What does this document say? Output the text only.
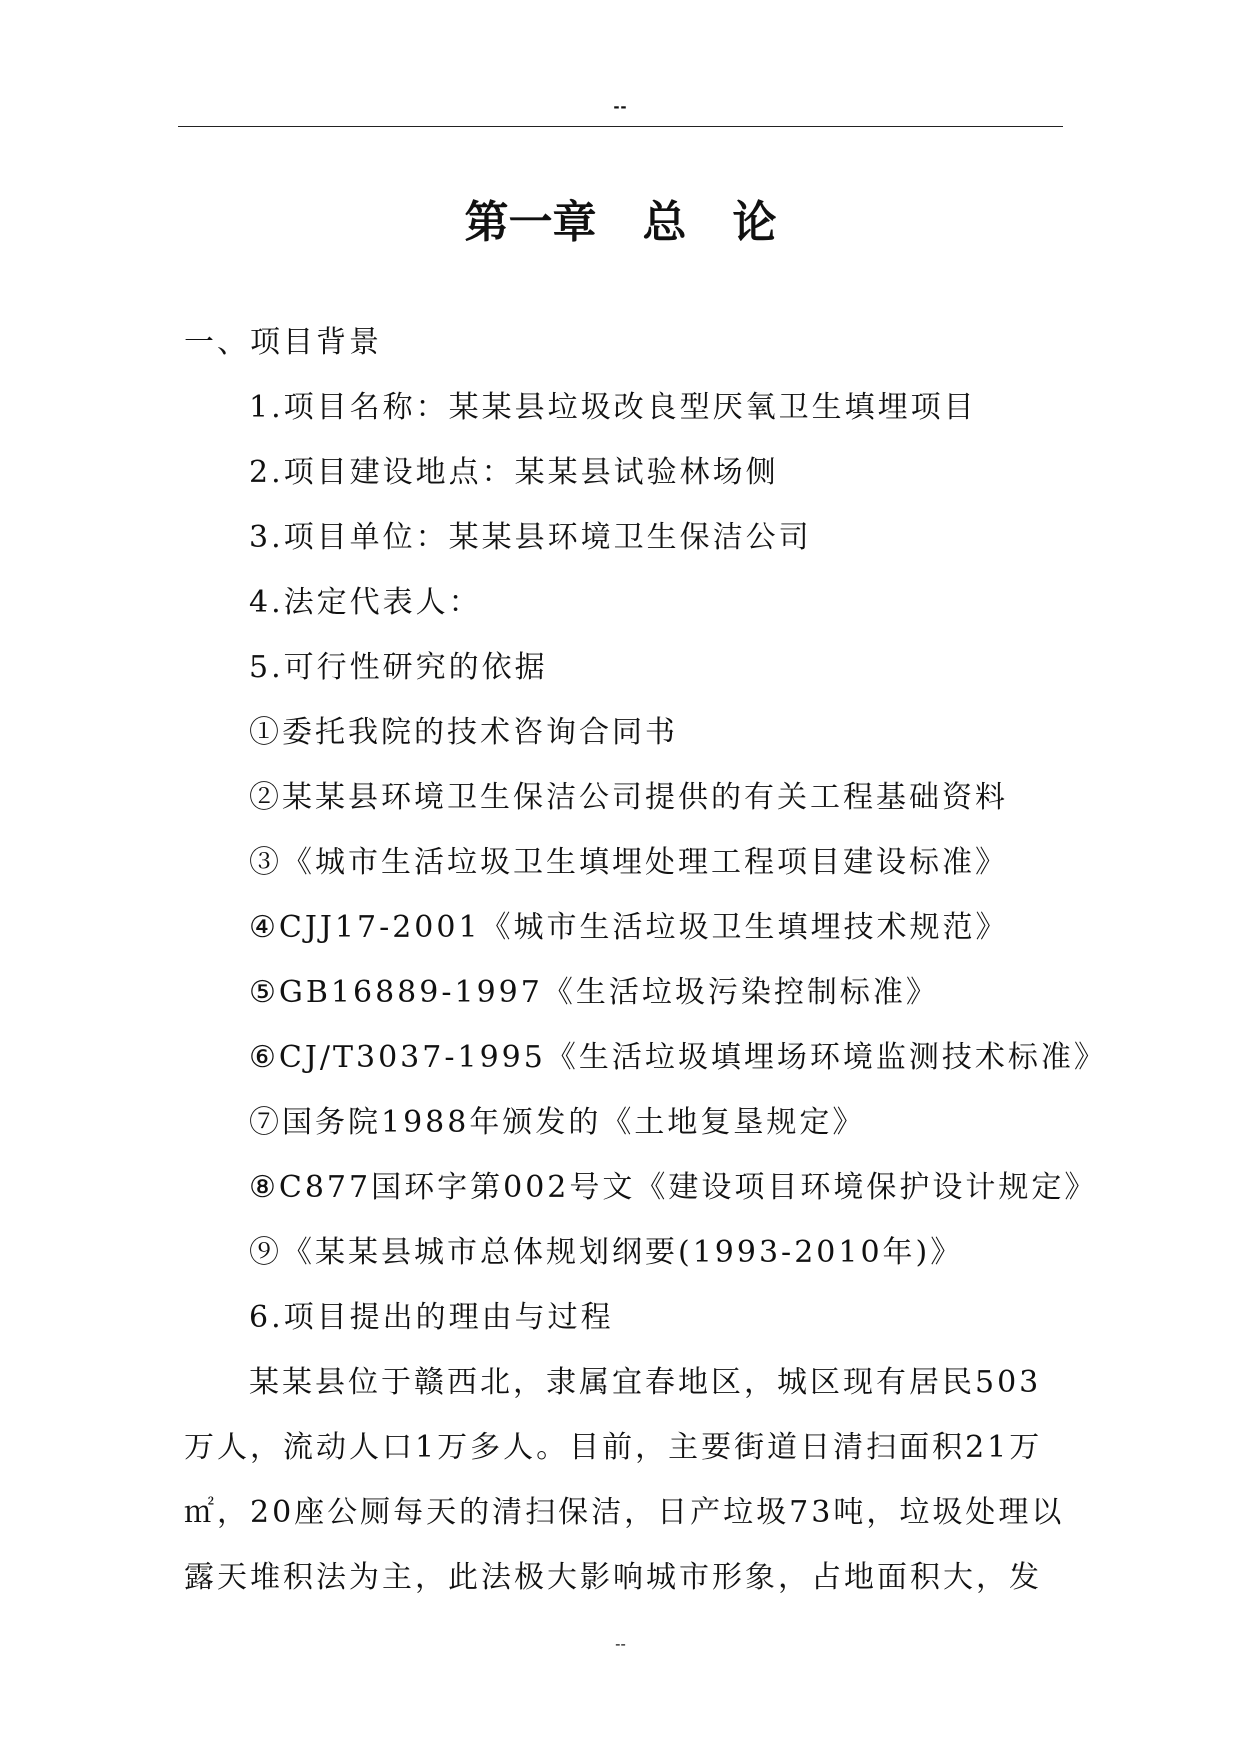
--
第一章   总   论
一、项目背景
1.项目名称：某某县垃圾改良型厌氧卫生填埋项目
2.项目建设地点：某某县试验林场侧
3.项目单位：某某县环境卫生保洁公司
4.法定代表人：
5.可行性研究的依据
①委托我院的技术咨询合同书
②某某县环境卫生保洁公司提供的有关工程基础资料
③《城市生活垃圾卫生填埋处理工程项目建设标准》
④CJJ17-2001《城市生活垃圾卫生填埋技术规范》
⑤GB16889-1997《生活垃圾污染控制标准》
⑥CJ/T3037-1995《生活垃圾填埋场环境监测技术标准》
⑦国务院1988年颁发的《土地复垦规定》
⑧C877国环字第002号文《建设项目环境保护设计规定》
⑨《某某县城市总体规划纲要(1993-2010年)》
6.项目提出的理由与过程
某某县位于赣西北，隶属宜春地区，城区现有居民503
万人，流动人口1万多人。目前，主要街道日清扫面积21万
㎡，20座公厕每天的清扫保洁，日产垃圾73吨，垃圾处理以
露天堆积法为主，此法极大影响城市形象，占地面积大，发
--
